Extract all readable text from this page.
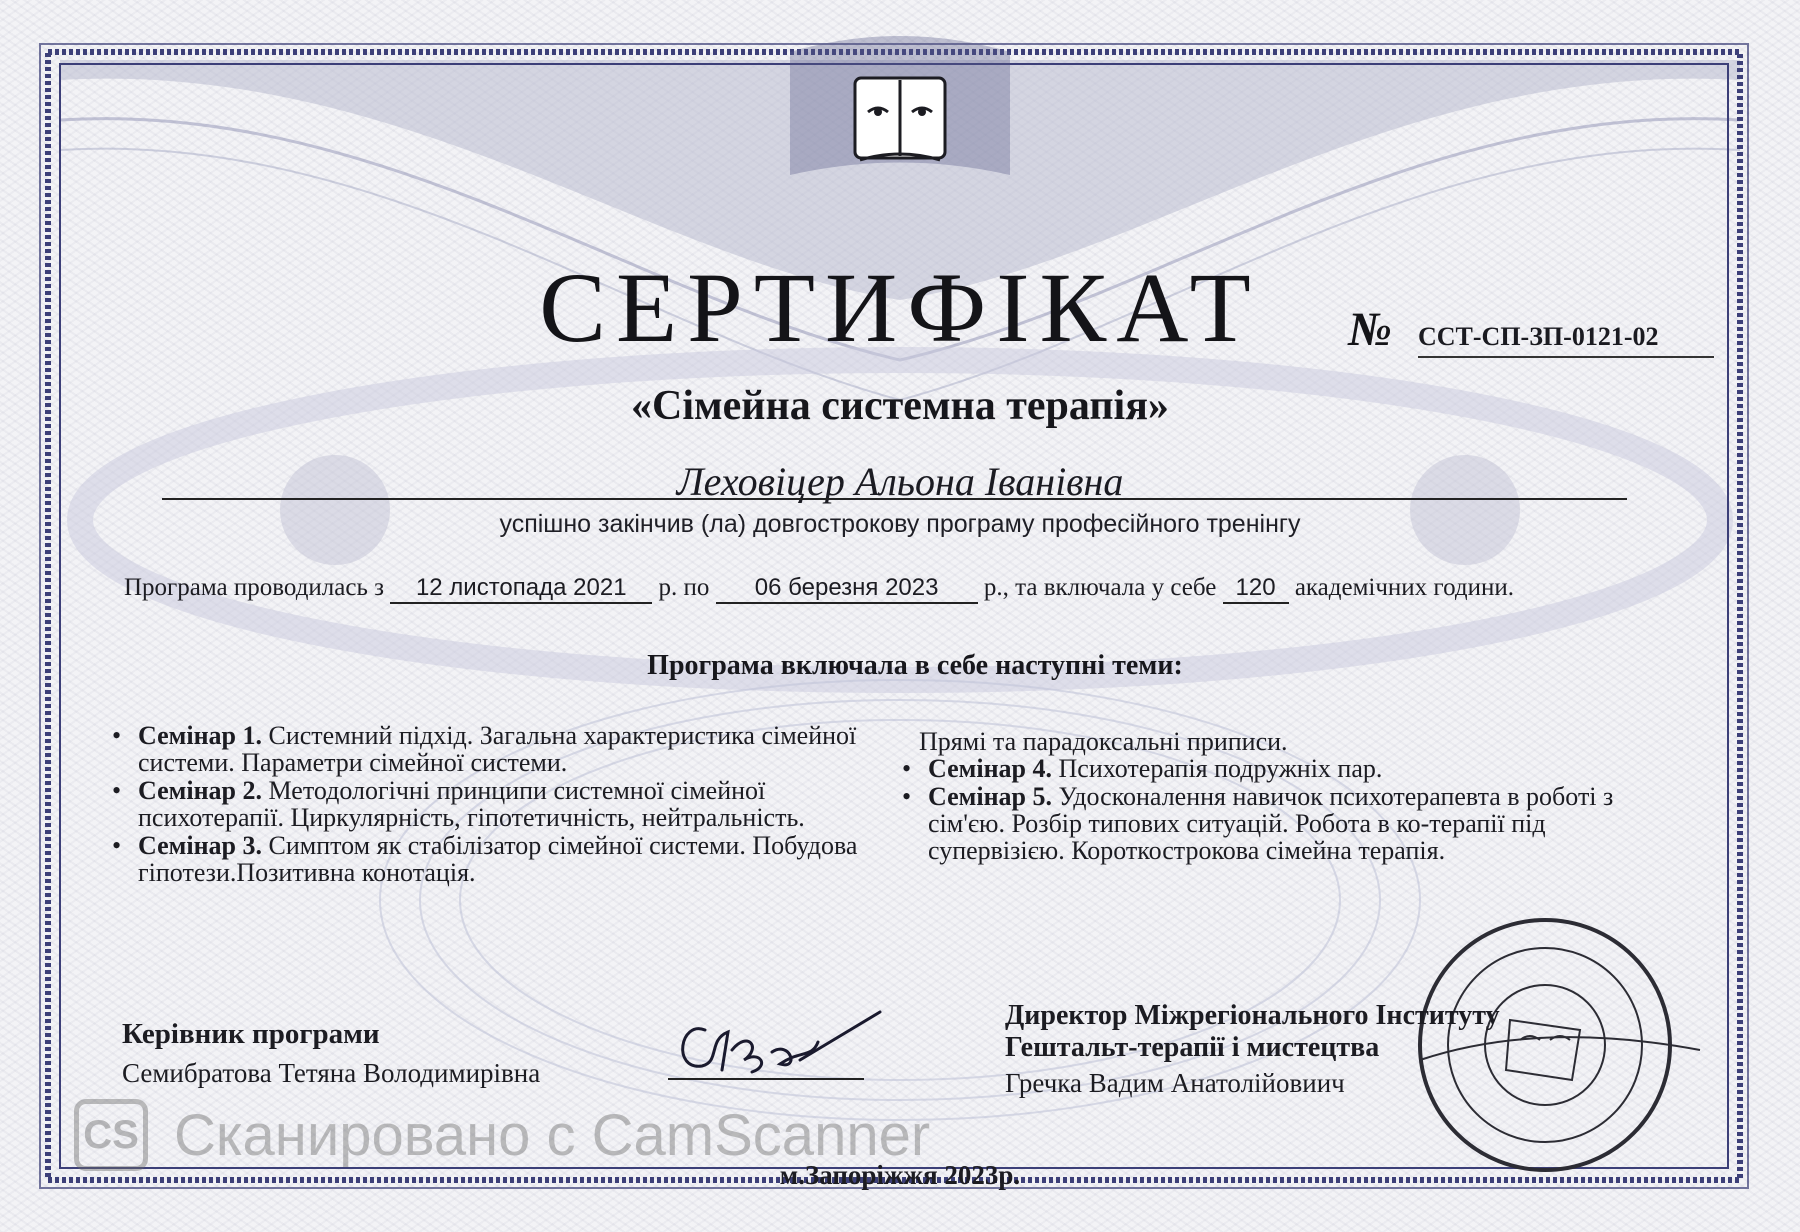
СЕРТИФІКАТ	№ ССТ-СП-ЗП-0121-02
«Сімейна системна терапія»
Леховіцер Альона Іванівна
успішно закінчив (ла) довгострокову програму професійного тренінгу
Програма проводилась з 12 листопада 2021 р. по 06 березня 2023 р., та включала у себе 120 академічних години.
Програма включала в себе наступні теми:
• Семінар 1. Системний підхід. Загальна характеристика сімейної системи. Параметри сімейної системи.
• Семінар 2. Методологічні принципи системної сімейної психотерапії. Циркулярність, гіпотетичність, нейтральність.
• Семінар 3. Симптом як стабілізатор сімейної системи. Побудова гіпотези.Позитивна конотація.
Прямі та парадоксальні приписи.
• Семінар 4. Психотерапія подружніх пар.
• Семінар 5. Удосконалення навичок психотерапевта в роботі з сім'єю. Розбір типових ситуацій. Робота в ко-терапії під супервізією. Короткострокова сімейна терапія.
Керівник програми
Семибратова Тетяна Володимирівна
Директор Міжрегіонального Інституту
Гештальт-терапії і мистецтва
Гречка Вадим Анатолійовиич
CS Сканировано с CamScanner
м.Запоріжжя 2023р.
